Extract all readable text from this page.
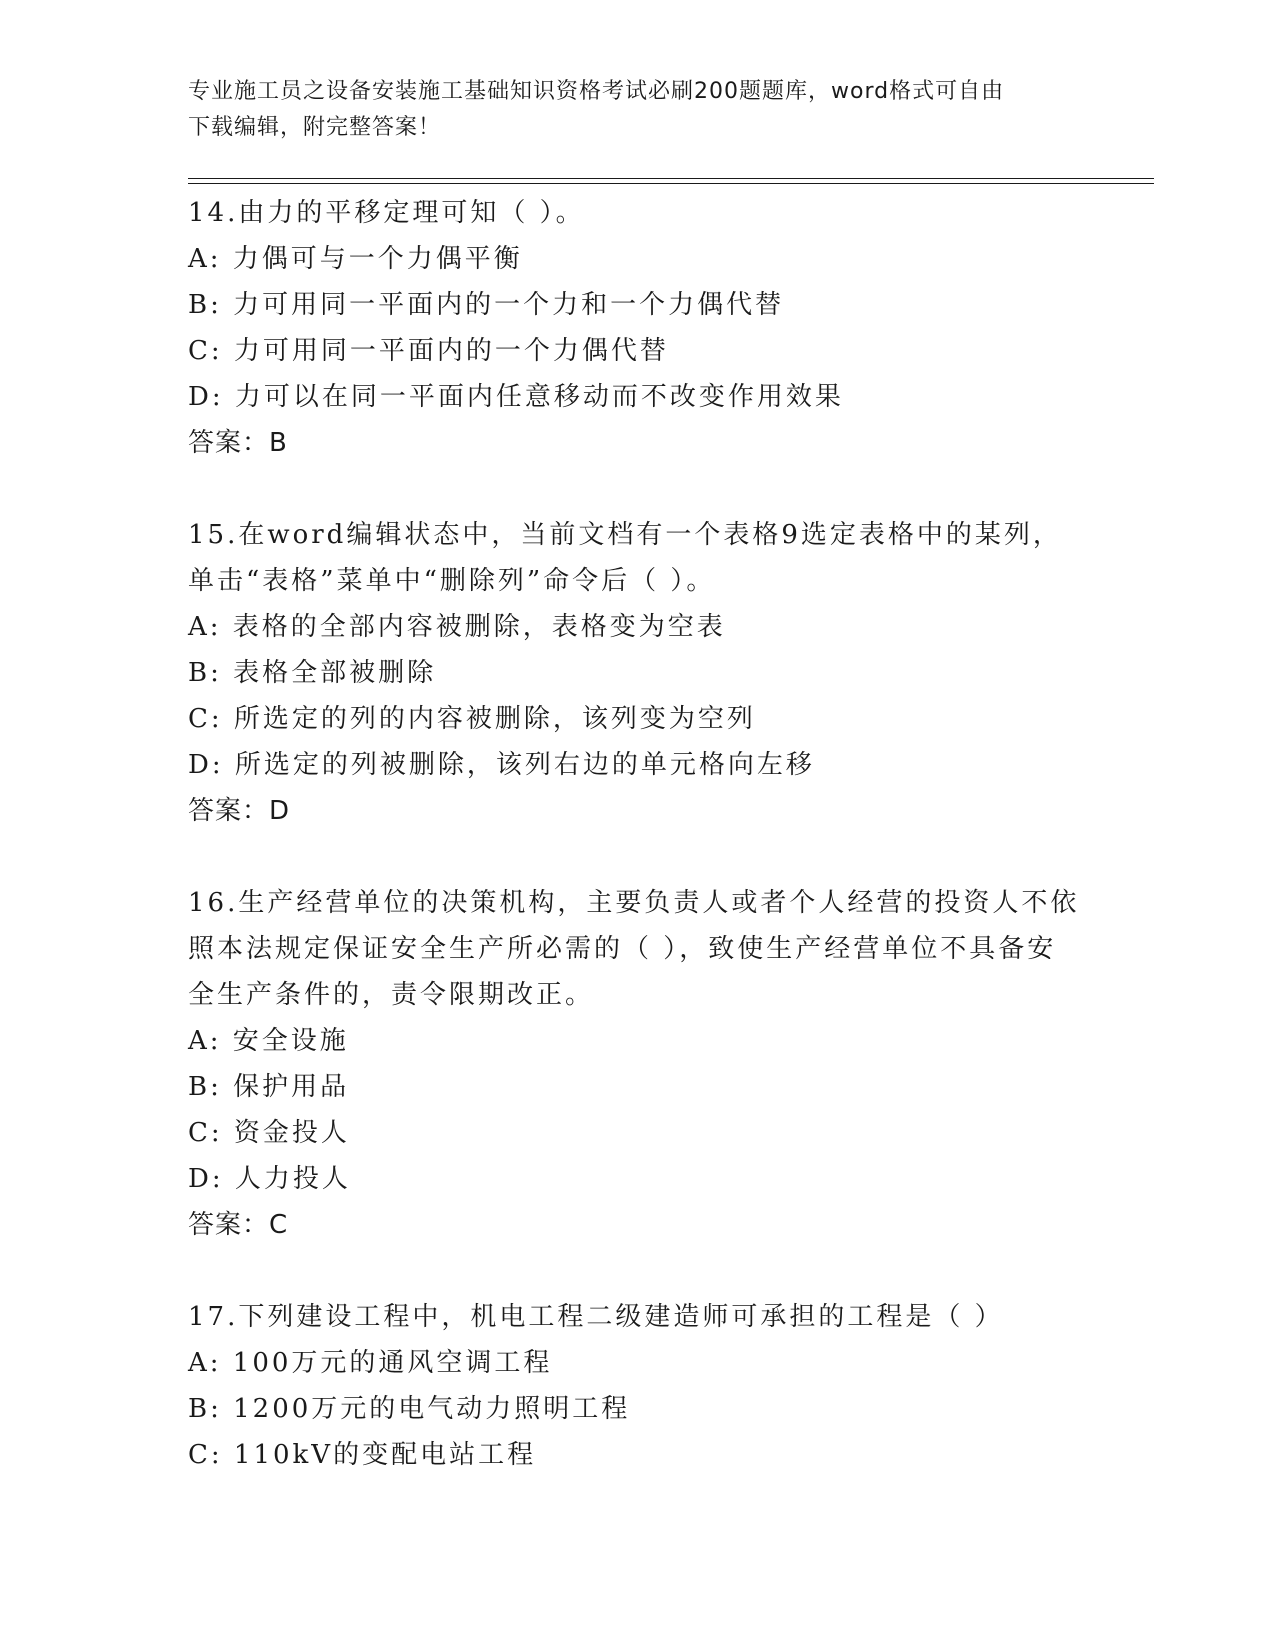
专业施工员之设备安装施工基础知识资格考试必刷200题题库，word格式可自由
下载编辑，附完整答案！
14.由力的平移定理可知（ ）。
A: 力偶可与一个力偶平衡
B: 力可用同一平面内的一个力和一个力偶代替
C: 力可用同一平面内的一个力偶代替
D: 力可以在同一平面内任意移动而不改变作用效果
答案：B
15.在word编辑状态中，当前文档有一个表格9选定表格中的某列，
单击“表格”菜单中“删除列”命令后（ ）。
A: 表格的全部内容被删除，表格变为空表
B: 表格全部被删除
C: 所选定的列的内容被删除，该列变为空列
D: 所选定的列被删除，该列右边的单元格向左移
答案：D
16.生产经营单位的决策机构，主要负责人或者个人经营的投资人不依
照本法规定保证安全生产所必需的（ ），致使生产经营单位不具备安
全生产条件的，责令限期改正。
A: 安全设施
B: 保护用品
C: 资金投人
D: 人力投人
答案：C
17.下列建设工程中，机电工程二级建造师可承担的工程是（ ）
A: 100万元的通风空调工程
B: 1200万元的电气动力照明工程
C: 110kV的变配电站工程
